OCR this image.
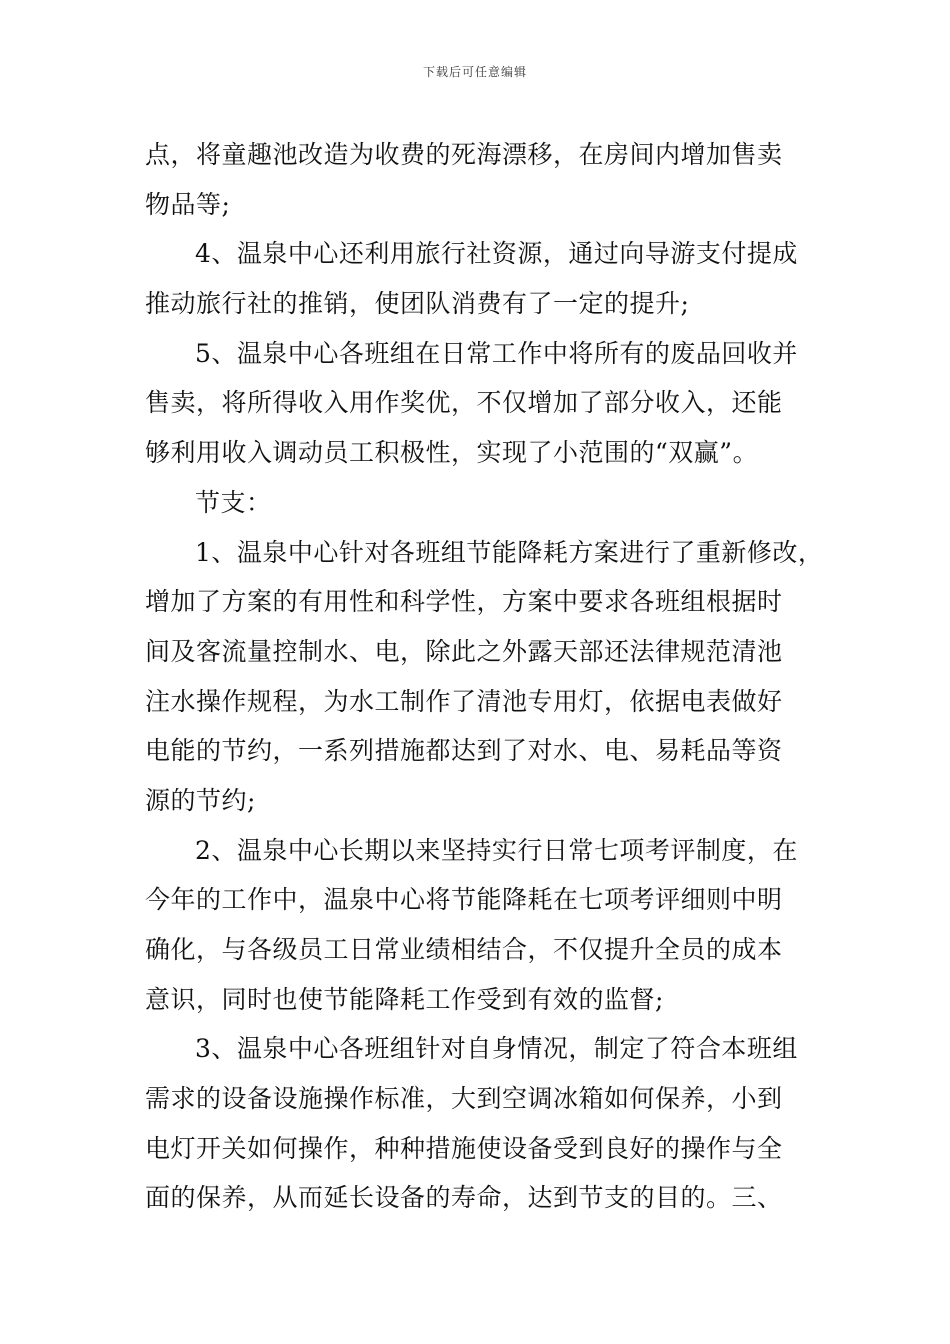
下载后可任意编辑
点，将童趣池改造为收费的死海漂移，在房间内增加售卖
物品等;
4、温泉中心还利用旅行社资源，通过向导游支付提成
推动旅行社的推销，使团队消费有了一定的提升;
5、温泉中心各班组在日常工作中将所有的废品回收并
售卖，将所得收入用作奖优，不仅增加了部分收入，还能
够利用收入调动员工积极性，实现了小范围的“双赢”。
节支：
1、温泉中心针对各班组节能降耗方案进行了重新修改，
增加了方案的有用性和科学性，方案中要求各班组根据时
间及客流量控制水、电，除此之外露天部还法律规范清池
注水操作规程，为水工制作了清池专用灯，依据电表做好
电能的节约，一系列措施都达到了对水、电、易耗品等资
源的节约;
2、温泉中心长期以来坚持实行日常七项考评制度，在
今年的工作中，温泉中心将节能降耗在七项考评细则中明
确化，与各级员工日常业绩相结合，不仅提升全员的成本
意识，同时也使节能降耗工作受到有效的监督;
3、温泉中心各班组针对自身情况，制定了符合本班组
需求的设备设施操作标准，大到空调冰箱如何保养，小到
电灯开关如何操作，种种措施使设备受到良好的操作与全
面的保养，从而延长设备的寿命，达到节支的目的。三、
